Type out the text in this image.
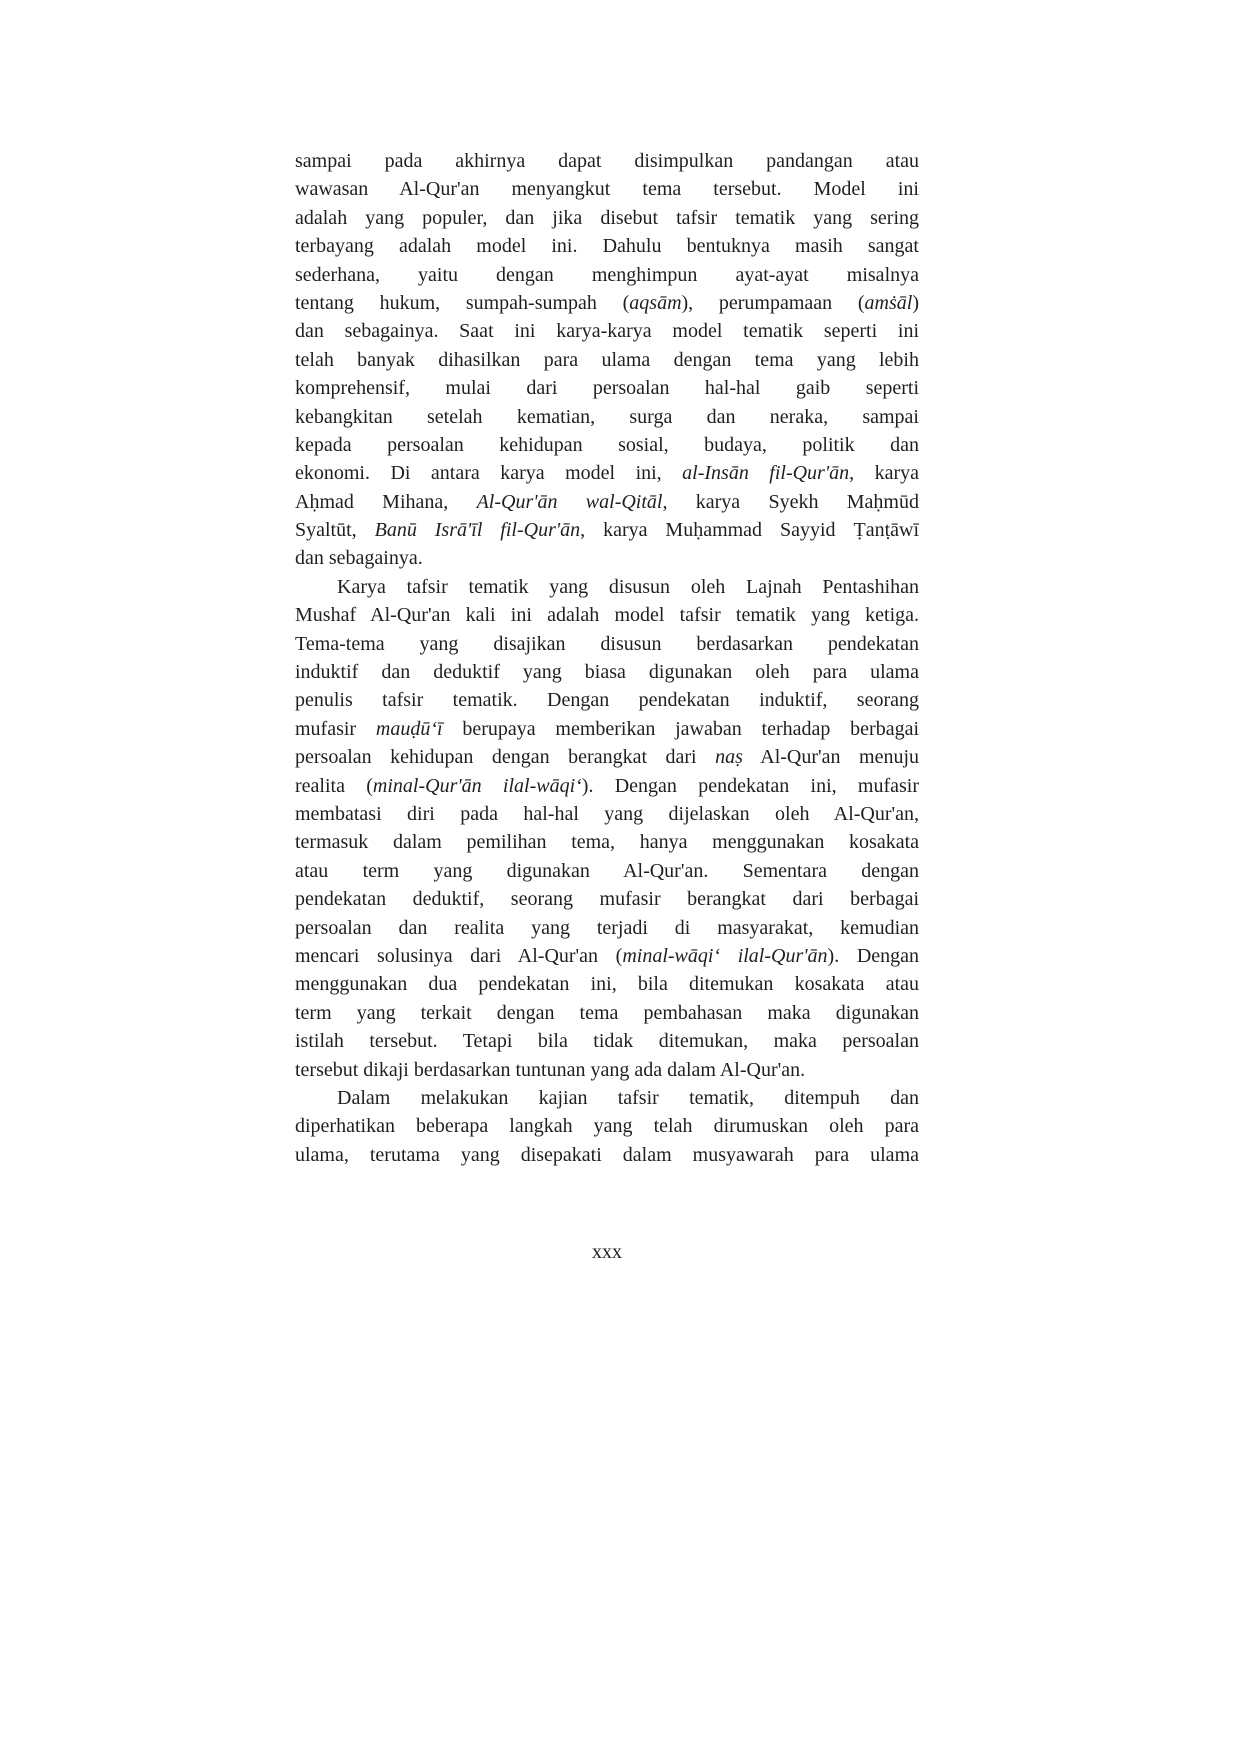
sampai pada akhirnya dapat disimpulkan pandangan atau
wawasan Al-Qur'an menyangkut tema tersebut. Model ini
adalah yang populer, dan jika disebut tafsir tematik yang sering
terbayang adalah model ini. Dahulu bentuknya masih sangat
sederhana, yaitu dengan menghimpun ayat-ayat misalnya
tentang hukum, sumpah-sumpah (aqsām), perumpamaan (amṡāl)
dan sebagainya. Saat ini karya-karya model tematik seperti ini
telah banyak dihasilkan para ulama dengan tema yang lebih
komprehensif, mulai dari persoalan hal-hal gaib seperti
kebangkitan setelah kematian, surga dan neraka, sampai
kepada persoalan kehidupan sosial, budaya, politik dan
ekonomi. Di antara karya model ini, al-Insān fil-Qur'ān, karya
Aḥmad Mihana, Al-Qur'ān wal-Qitāl, karya Syekh Maḥmūd
Syaltūt, Banū Isrā'īl fil-Qur'ān, karya Muḥammad Sayyid Ṭanṭāwī
dan sebagainya.
Karya tafsir tematik yang disusun oleh Lajnah Pentashihan
Mushaf Al-Qur'an kali ini adalah model tafsir tematik yang ketiga.
Tema-tema yang disajikan disusun berdasarkan pendekatan
induktif dan deduktif yang biasa digunakan oleh para ulama
penulis tafsir tematik. Dengan pendekatan induktif, seorang
mufasir mauḍū‘ī berupaya memberikan jawaban terhadap berbagai
persoalan kehidupan dengan berangkat dari naṣ Al-Qur'an menuju
realita (minal-Qur'ān ilal-wāqi‘). Dengan pendekatan ini, mufasir
membatasi diri pada hal-hal yang dijelaskan oleh Al-Qur'an,
termasuk dalam pemilihan tema, hanya menggunakan kosakata
atau term yang digunakan Al-Qur'an. Sementara dengan
pendekatan deduktif, seorang mufasir berangkat dari berbagai
persoalan dan realita yang terjadi di masyarakat, kemudian
mencari solusinya dari Al-Qur'an (minal-wāqi‘ ilal-Qur'ān). Dengan
menggunakan dua pendekatan ini, bila ditemukan kosakata atau
term yang terkait dengan tema pembahasan maka digunakan
istilah tersebut. Tetapi bila tidak ditemukan, maka persoalan
tersebut dikaji berdasarkan tuntunan yang ada dalam Al-Qur'an.
Dalam melakukan kajian tafsir tematik, ditempuh dan
diperhatikan beberapa langkah yang telah dirumuskan oleh para
ulama, terutama yang disepakati dalam musyawarah para ulama
xxx
